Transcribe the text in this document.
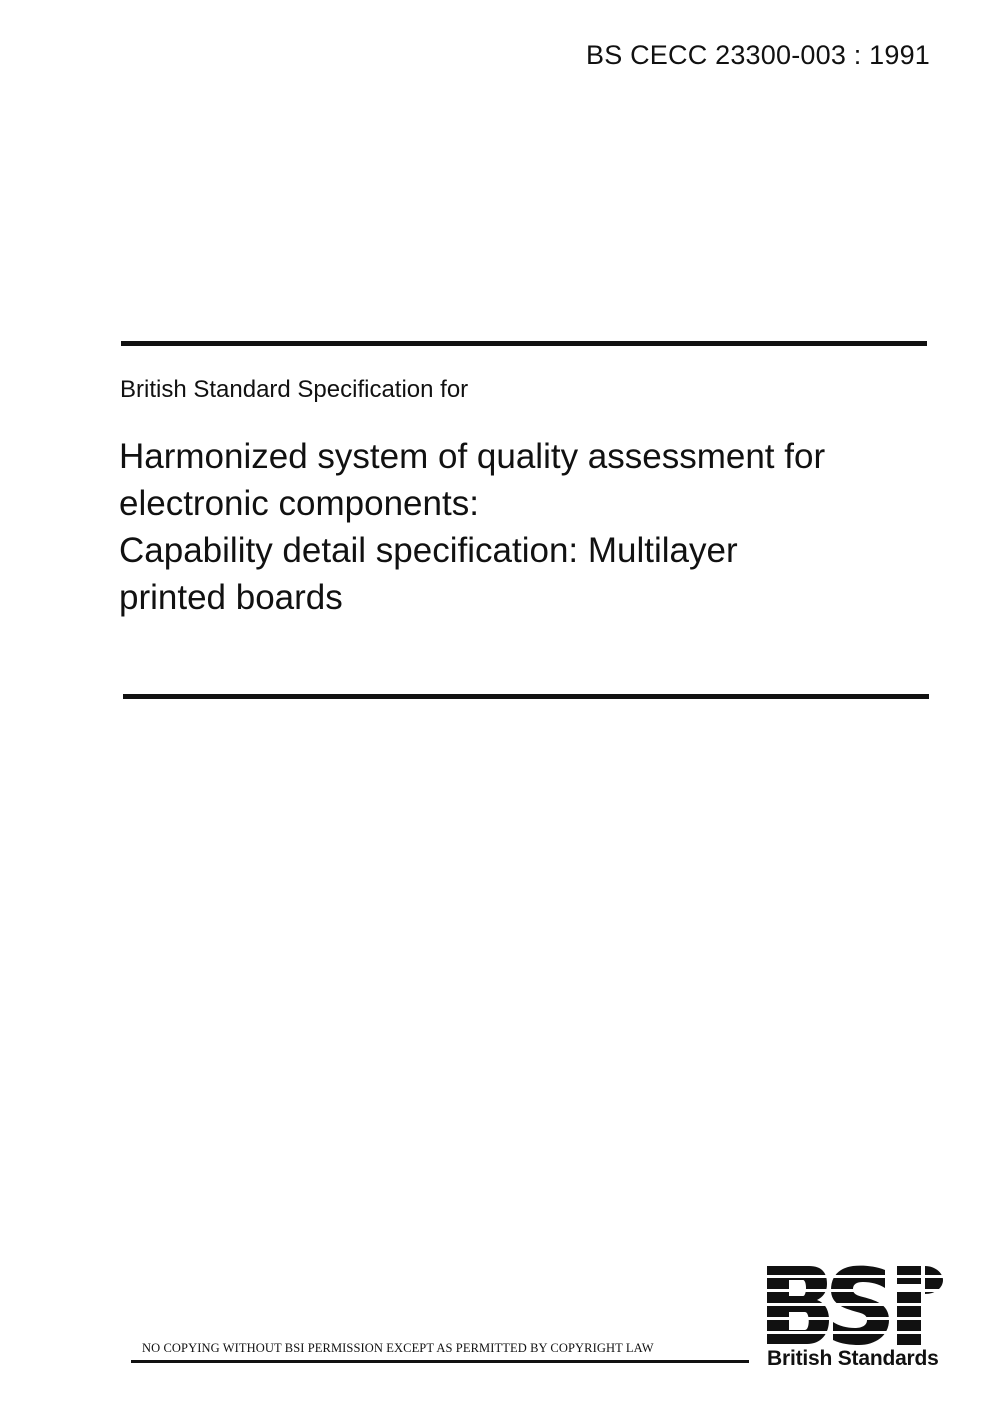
BS CECC 23300-003 : 1991
British Standard Specification for
Harmonized system of quality assessment for
electronic components:
Capability detail specification: Multilayer
printed boards
NO COPYING WITHOUT BSI PERMISSION EXCEPT AS PERMITTED BY COPYRIGHT LAW	British Standards
